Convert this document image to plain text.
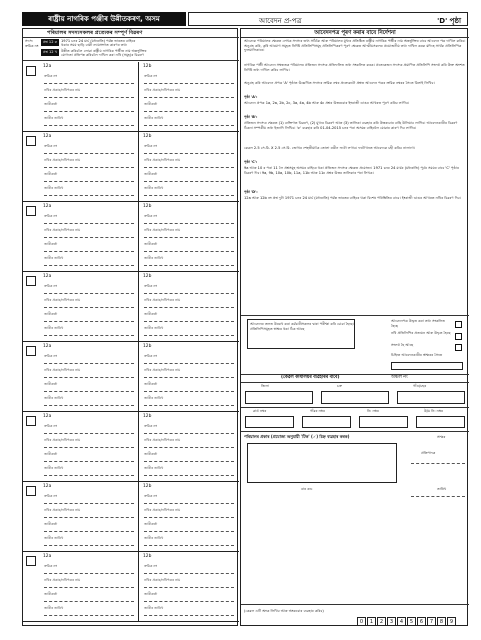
ৰাষ্ট্ৰীয় নাগৰিক পঞ্জীৰ উন্নীতকৰণ, অসম	আবেদন প্ৰ-পত্ৰ	'D' পৃষ্ঠা
পৰিয়ালৰ সদস্যসকলৰ প্ৰত্যেকৰ সম্পূৰ্ণ বিৱৰণ
সদস্য ক্ৰমিক নং
প্ৰশ্ন 12 ক	1971 চনৰ 24 মাৰ্চ (মধ্যৰাতি) পৰ্যন্ত ভাৰতৰ বাহিৰে
থকাৰ সময় ছাড়ি বাকী ন্যায়সংগত কাৰণৰ তথ্য
প্ৰশ্ন 12 খ	উন্নীত কৰিবলৈ লোৱা ৰাষ্ট্ৰীয় নাগৰিক পঞ্জীত নাম অন্তৰ্ভুক্তিৰ
যোগ্যতা প্ৰতিপন্ন কৰিবলৈ দাখিল কৰা নথি (সমূহ)ৰ বিৱৰণ
12a
ক্ৰমিক নং
নথিৰ প্ৰকাৰ/নথিপত্ৰৰ নাম
জাৰীকৰ্তা
জাৰীৰ তাৰিখ
12b
ক্ৰমিক নং
নথিৰ প্ৰকাৰ/নথিপত্ৰৰ নাম
জাৰীকৰ্তা
জাৰীৰ তাৰিখ
12a
ক্ৰমিক নং
নথিৰ প্ৰকাৰ/নথিপত্ৰৰ নাম
জাৰীকৰ্তা
জাৰীৰ তাৰিখ
12b
ক্ৰমিক নং
নথিৰ প্ৰকাৰ/নথিপত্ৰৰ নাম
জাৰীকৰ্তা
জাৰীৰ তাৰিখ
12a
ক্ৰমিক নং
নথিৰ প্ৰকাৰ/নথিপত্ৰৰ নাম
জাৰীকৰ্তা
জাৰীৰ তাৰিখ
12b
ক্ৰমিক নং
নথিৰ প্ৰকাৰ/নথিপত্ৰৰ নাম
জাৰীকৰ্তা
জাৰীৰ তাৰিখ
12a
ক্ৰমিক নং
নথিৰ প্ৰকাৰ/নথিপত্ৰৰ নাম
জাৰীকৰ্তা
জাৰীৰ তাৰিখ
12b
ক্ৰমিক নং
নথিৰ প্ৰকাৰ/নথিপত্ৰৰ নাম
জাৰীকৰ্তা
জাৰীৰ তাৰিখ
12a
ক্ৰমিক নং
নথিৰ প্ৰকাৰ/নথিপত্ৰৰ নাম
জাৰীকৰ্তা
জাৰীৰ তাৰিখ
12b
ক্ৰমিক নং
নথিৰ প্ৰকাৰ/নথিপত্ৰৰ নাম
জাৰীকৰ্তা
জাৰীৰ তাৰিখ
12a
ক্ৰমিক নং
নথিৰ প্ৰকাৰ/নথিপত্ৰৰ নাম
জাৰীকৰ্তা
জাৰীৰ তাৰিখ
12b
ক্ৰমিক নং
নথিৰ প্ৰকাৰ/নথিপত্ৰৰ নাম
জাৰীকৰ্তা
জাৰীৰ তাৰিখ
12a
ক্ৰমিক নং
নথিৰ প্ৰকাৰ/নথিপত্ৰৰ নাম
জাৰীকৰ্তা
জাৰীৰ তাৰিখ
12b
ক্ৰমিক নং
নথিৰ প্ৰকাৰ/নথিপত্ৰৰ নাম
জাৰীকৰ্তা
জাৰীৰ তাৰিখ
12a
ক্ৰমিক নং
নথিৰ প্ৰকাৰ/নথিপত্ৰৰ নাম
জাৰীকৰ্তা
জাৰীৰ তাৰিখ
12b
ক্ৰমিক নং
নথিৰ প্ৰকাৰ/নথিপত্ৰৰ নাম
জাৰীকৰ্তা
জাৰীৰ তাৰিখ
আবেদনপত্ৰ পূৰণ কৰাৰ বাবে নিৰ্দেশনা
আবেদক পৰিয়ালৰ ক্ষেত্ৰত লেখক সদস্যৰ তথ্য সঠিকৈ আৰু পৰিয়ালৰ মুখ্যৰ প্ৰতিষ্ঠিত ৰাষ্ট্ৰীয় নাগৰিক পঞ্জীৰ নাম অন্তৰ্ভুক্তিৰ বাবে আবেদন পত্ৰ দাখিল কৰিব। অনুগ্ৰহ কৰি, কৃষি আয়োগ সমূহত নিৰ্দিষ্ট প্ৰতিলিপিসমূহ প্ৰতিলিপিকৰণ পূৰণ ক্ষেত্ৰত আত্মীয়সকলৰ প্ৰয়োজনীয় তথ্য দাখিল কৰক যদিহে সাৰ্থক প্ৰতিলিপিক ফুলমালিকাৰে।
নাগৰিক পঞ্জী আবেদন সম্বন্ধতক পৰিয়ালৰ প্ৰতিজন সদস্যৰ প্ৰতিফলিত তথ্য সংকলিত কৰক। প্ৰত্যেকজন সদস্যৰ প্ৰমাণিত প্ৰতিলিপি সংলগ্ন কৰি উক্ত অংশত নিৰ্দিষ্ট তথ্য দাখিল কৰিব লাগিব।
অনুগ্ৰহ কৰি আবেদন প্ৰপত্ৰ 'A' পৃষ্ঠাত উল্লেখিত সদস্যৰ ক্ৰমিক নম্বৰ প্ৰত্যেকটো প্ৰশ্নত আবেদন পত্ৰৰ ক্ৰমিক নম্বৰৰ সৈতে মিলাই লিখিব।
পৃষ্ঠা 'A':
আবেদন প্ৰপত্ৰ 1a, 2a, 2b, 2c, 3a, 4a, 4b আৰু 4c প্ৰশ্নৰ উত্তৰবোৰ ইংৰাজী ডাঙৰ আখৰত পূৰণ কৰিব লাগিব।
পৃষ্ঠা 'B':
প্ৰতিজন সদস্যৰ ক্ষেত্ৰত (1) ব্যক্তিগত বিৱৰণ, (2) মুখ্যৰ বিৱৰণ আৰু (3) তালিকা ব্যৱহাৰ কৰি উত্তৰবোৰ বাছি উলিয়াব লাগিব। আবেদনকাৰীৰ বিৱৰণ ঠিকনা সম্পৰ্কীয় তথ্য ইত্যাদি লিখিব। 'ক' ব্যৱহাৰ কৰি 01-04-2015 চনৰ পৰা অসমৰ বাহিৰলৈ যোৱাৰ কাৰণ দিব লাগিব।
কেৱল 2.5 সে.মি. X 2.5 সে.মি. জোখৰ শেহতীয়াকৈ তোলা ৰঙীন ফটো লগাব। ফটোখনত আবেদকে চহী কৰিব নালাগে।
পৃষ্ঠা 'C':
9a আৰু 10 ৰ পৰা 11 লৈ প্ৰশ্নসমূহ অসমৰ বাহিৰে থকা প্ৰতিজন সদস্যৰ ক্ষেত্ৰত প্ৰযোজ্য। 1971 চনৰ 24 মাৰ্চৰ (মধ্যৰাতি) পূৰ্বৰ সময়ৰ বাবে 'C' পৃষ্ঠাৰ বিৱৰণ দিব। 9a, 9b, 10a, 10b, 11a, 11b আৰু 11c প্ৰশ্নৰ উত্তৰ তালিকাৰ পৰা লিখক।
পৃষ্ঠা 'D':
12a আৰু 12b নং প্ৰশ্ন দুটা 1971 চনৰ 24 মাৰ্চ (মধ্যৰাতি) পৰ্যন্ত ভাৰতৰ বাহিৰে থকা বিশেষ পৰিস্থিতিৰ বাবে। ইংৰাজী ডাঙৰ আখৰত নথিৰ বিৱৰণ দিব।
আবেদনৰ তলত উল্লেখ কৰা কৰ্মচাৰীসকলৰ দ্বাৰা পৰীক্ষা কৰি চোৱা হৈছে। প্ৰতিলিপিসমূহত স্বাক্ষৰ থকা ঠিক আছে
আবেদনপত্ৰ উদ্ধৃত কৰা তথ্য সংকলিত হৈছে
নথি প্ৰতিলিপিৰ প্ৰত্যয়ন আৰু উদ্ধৃত হৈছে
সংলগ্ন হৈ আছে
চিহ্নিত আবেদনকাৰীৰ স্বাক্ষৰৰ সৈতে
(কেৱল কাৰ্যালয়ৰ ব্যৱহাৰৰ বাবে)	অঞ্চল নং
জিলা	চক্ৰ	গাঁও/চহৰ
ৱাৰ্ড নম্বৰ	গাঁৱৰ নম্বৰ	নি: নম্বৰ	উ/ম নি: নম্বৰ
পৰিয়ালৰ প্ৰকাৰ (প্ৰযোজ্য অনুযায়ী 'টিক' (✓) চিহ্ন ব্যৱহাৰ কৰক)	সাক্ষৰ
প্ৰতিপাদক
বাৰ কড	তাৰিখ
(কেৱল এটি অংক লিখিব আৰু অংকবোৰ ব্যৱহাৰ কৰিব)
0 1 2 3 4 5 6 7 8 9
